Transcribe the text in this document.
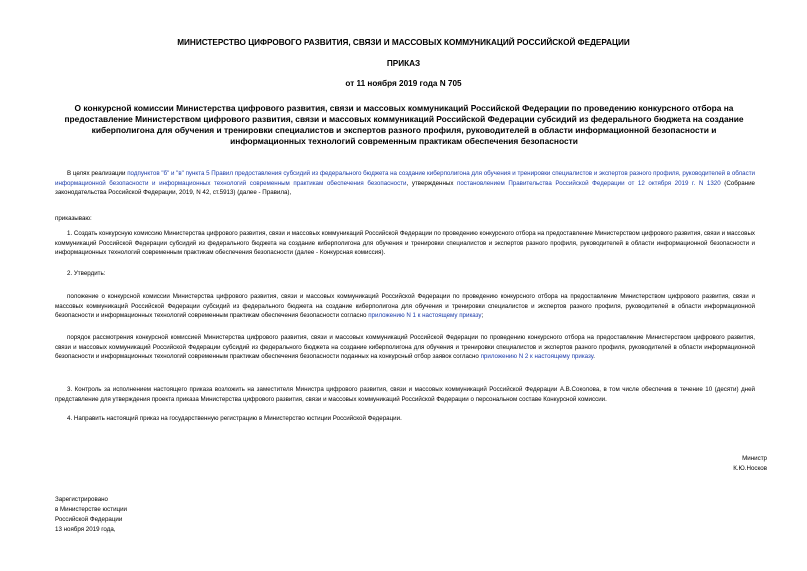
МИНИСТЕРСТВО ЦИФРОВОГО РАЗВИТИЯ, СВЯЗИ И МАССОВЫХ КОММУНИКАЦИЙ РОССИЙСКОЙ ФЕДЕРАЦИИ
ПРИКАЗ
от 11 ноября 2019 года N 705
О конкурсной комиссии Министерства цифрового развития, связи и массовых коммуникаций Российской Федерации по проведению конкурсного отбора на предоставление Министерством цифрового развития, связи и массовых коммуникаций Российской Федерации субсидий из федерального бюджета на создание киберполигона для обучения и тренировки специалистов и экспертов разного профиля, руководителей в области информационной безопасности и информационных технологий современным практикам обеспечения безопасности
В целях реализации подпунктов "б" и "в" пункта 5 Правил предоставления субсидий из федерального бюджета на создание киберполигона для обучения и тренировки специалистов и экспертов разного профиля, руководителей в области информационной безопасности и информационных технологий современным практикам обеспечения безопасности, утвержденных постановлением Правительства Российской Федерации от 12 октября 2019 г. N 1320 (Собрание законодательства Российской Федерации, 2019, N 42, ст.5913) (далее - Правила),
приказываю:
1. Создать конкурсную комиссию Министерства цифрового развития, связи и массовых коммуникаций Российской Федерации по проведению конкурсного отбора на предоставление Министерством цифрового развития, связи и массовых коммуникаций Российской Федерации субсидий из федерального бюджета на создание киберполигона для обучения и тренировки специалистов и экспертов разного профиля, руководителей в области информационной безопасности и информационных технологий современным практикам обеспечения безопасности (далее - Конкурсная комиссия).
2. Утвердить:
положение о конкурсной комиссии Министерства цифрового развития, связи и массовых коммуникаций Российской Федерации по проведению конкурсного отбора на предоставление Министерством цифрового развития, связи и массовых коммуникаций Российской Федерации субсидий из федерального бюджета на создание киберполигона для обучения и тренировки специалистов и экспертов разного профиля, руководителей в области информационной безопасности и информационных технологий современным практикам обеспечения безопасности согласно приложению N 1 к настоящему приказу;
порядок рассмотрения конкурсной комиссией Министерства цифрового развития, связи и массовых коммуникаций Российской Федерации по проведению конкурсного отбора на предоставление Министерством цифрового развития, связи и массовых коммуникаций Российской Федерации субсидий из федерального бюджета на создание киберполигона для обучения и тренировки специалистов и экспертов разного профиля, руководителей в области информационной безопасности и информационных технологий современным практикам обеспечения безопасности поданных на конкурсный отбор заявок согласно приложению N 2 к настоящему приказу.
3. Контроль за исполнением настоящего приказа возложить на заместителя Министра цифрового развития, связи и массовых коммуникаций Российской Федерации А.В.Соколова, в том числе обеспечив в течение 10 (десяти) дней представление для утверждения проекта приказа Министерства цифрового развития, связи и массовых коммуникаций Российской Федерации о персональном составе Конкурсной комиссии.
4. Направить настоящий приказ на государственную регистрацию в Министерство юстиции Российской Федерации.
Министр
К.Ю.Носков
Зарегистрировано
в Министерстве юстиции
Российской Федерации
13 ноября 2019 года,
